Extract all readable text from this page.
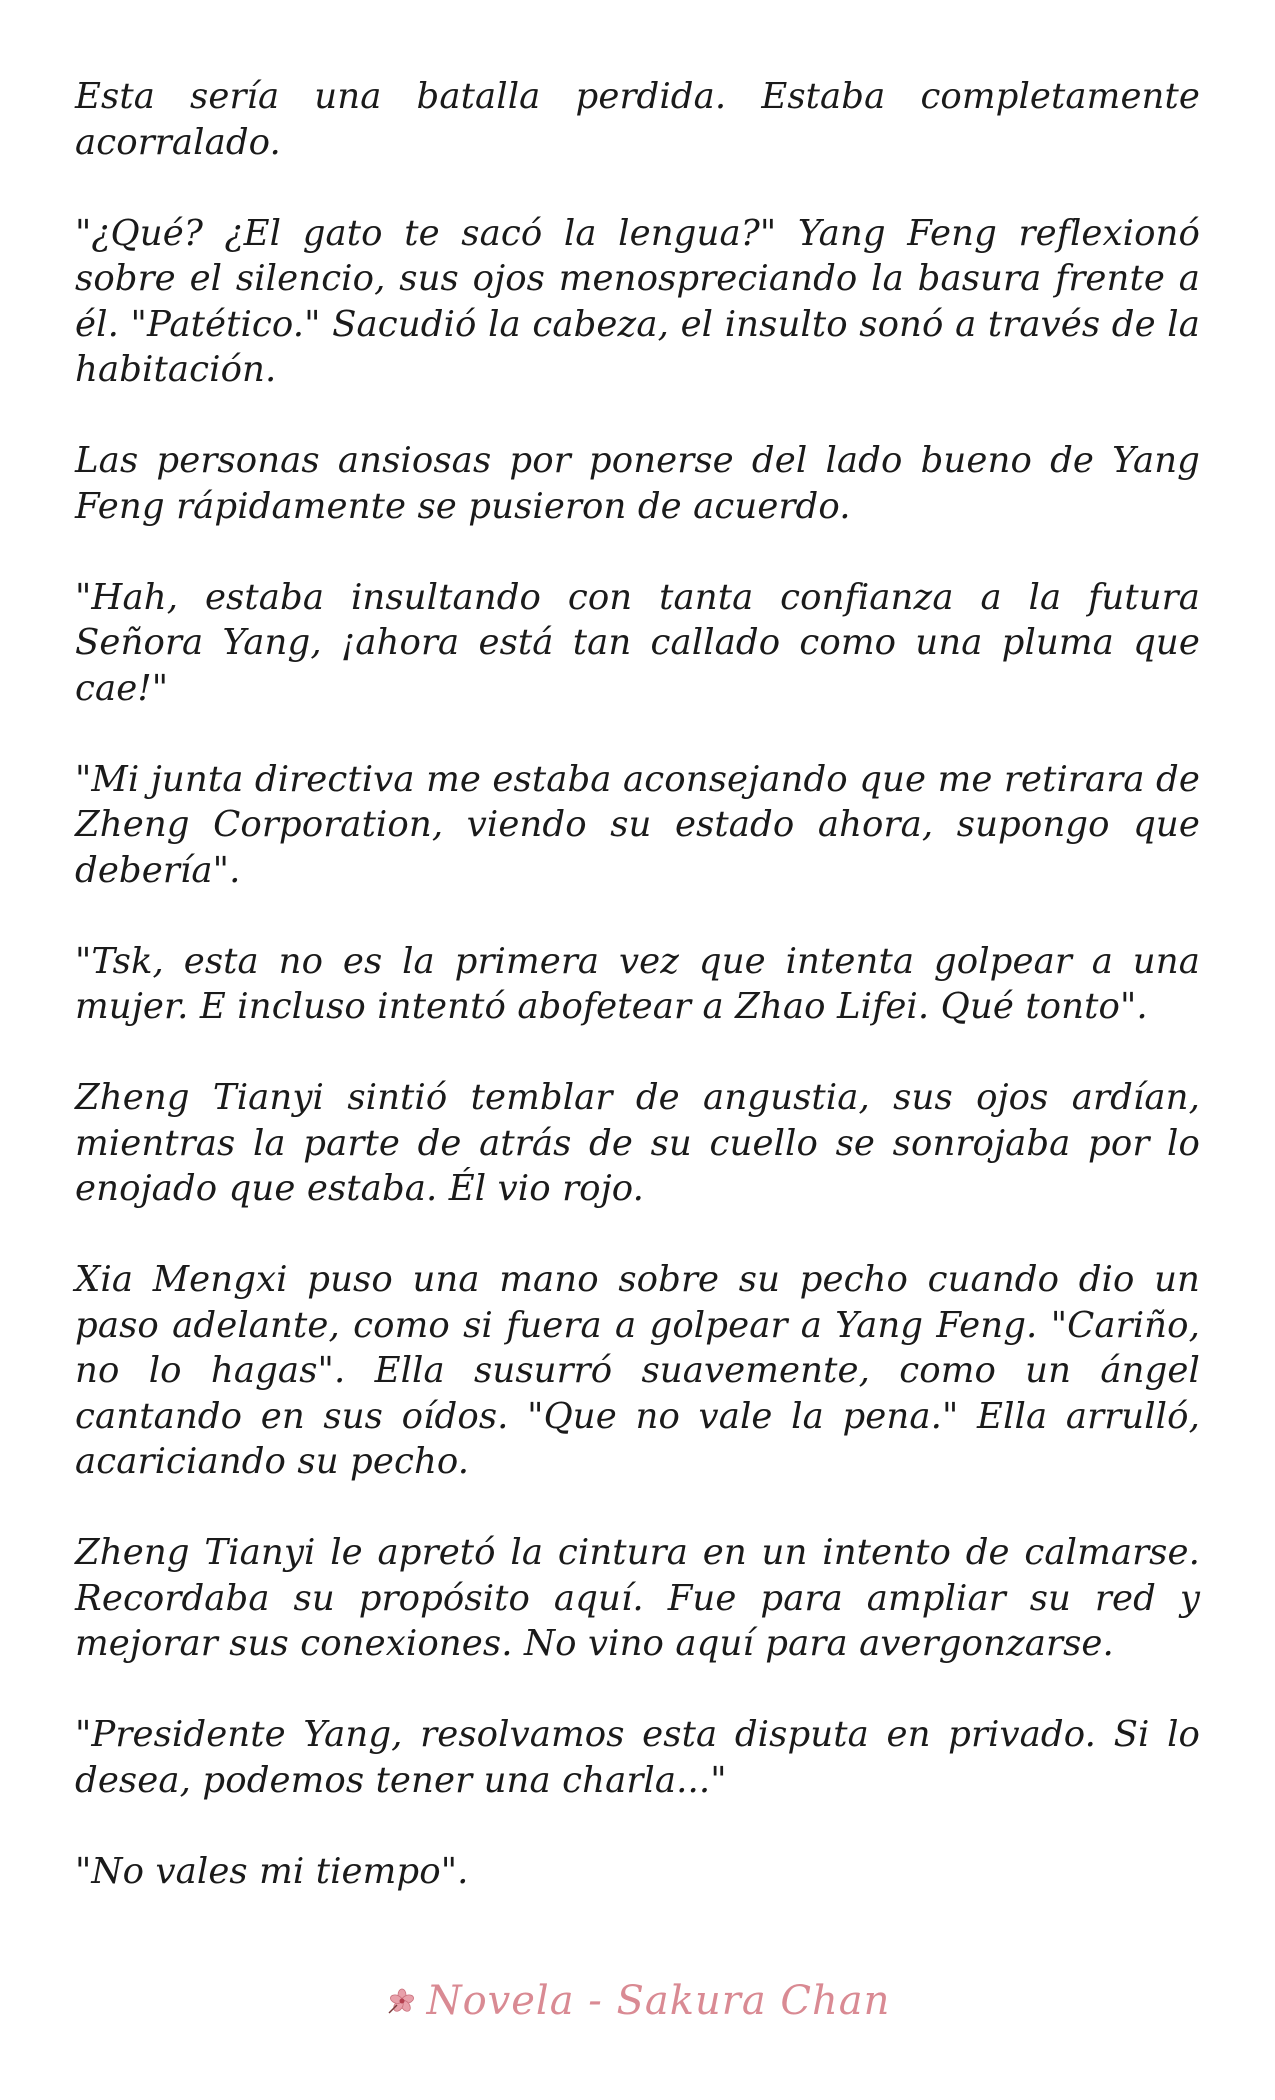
Esta sería una batalla perdida. Estaba completamente acorralado.

"¿Qué? ¿El gato te sacó la lengua?" Yang Feng reflexionó sobre el silencio, sus ojos menospreciando la basura frente a él. "Patético." Sacudió la cabeza, el insulto sonó a través de la habitación.

Las personas ansiosas por ponerse del lado bueno de Yang Feng rápidamente se pusieron de acuerdo.

"Hah, estaba insultando con tanta confianza a la futura Señora Yang, ¡ahora está tan callado como una pluma que cae!"

"Mi junta directiva me estaba aconsejando que me retirara de Zheng Corporation, viendo su estado ahora, supongo que debería".

"Tsk, esta no es la primera vez que intenta golpear a una mujer. E incluso intentó abofetear a Zhao Lifei. Qué tonto".

Zheng Tianyi sintió temblar de angustia, sus ojos ardían, mientras la parte de atrás de su cuello se sonrojaba por lo enojado que estaba. Él vio rojo.

Xia Mengxi puso una mano sobre su pecho cuando dio un paso adelante, como si fuera a golpear a Yang Feng. "Cariño, no lo hagas". Ella susurró suavemente, como un ángel cantando en sus oídos. "Que no vale la pena." Ella arrulló, acariciando su pecho.

Zheng Tianyi le apretó la cintura en un intento de calmarse. Recordaba su propósito aquí. Fue para ampliar su red y mejorar sus conexiones. No vino aquí para avergonzarse.

"Presidente Yang, resolvamos esta disputa en privado. Si lo desea, podemos tener una charla..."

"No vales mi tiempo".

Novela - Sakura Chan
